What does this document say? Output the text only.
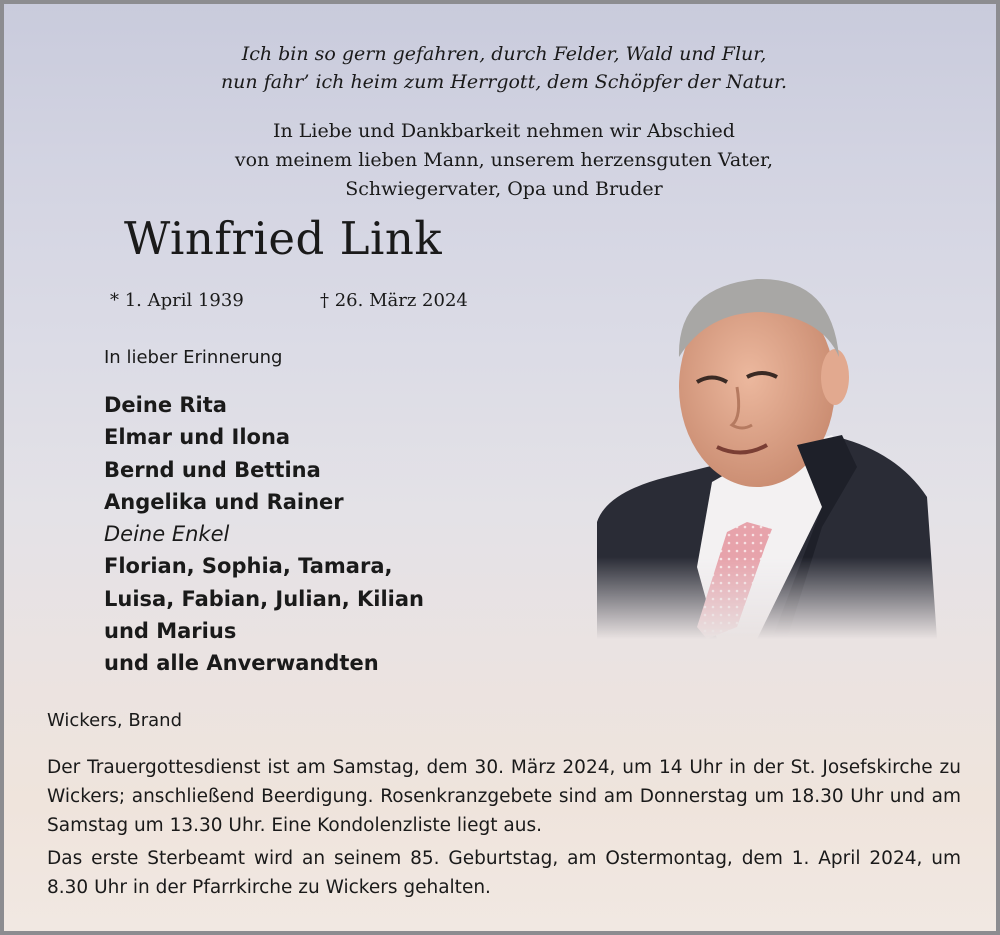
Ich bin so gern gefahren, durch Felder, Wald und Flur,
nun fahr’ ich heim zum Herrgott, dem Schöpfer der Natur.
In Liebe und Dankbarkeit nehmen wir Abschied
von meinem lieben Mann, unserem herzensguten Vater,
Schwiegervater, Opa und Bruder
Winfried Link
* 1. April 1939	† 26. März 2024
In lieber Erinnerung
Deine Rita
Elmar und Ilona
Bernd und Bettina
Angelika und Rainer
Deine Enkel
Florian, Sophia, Tamara,
Luisa, Fabian, Julian, Kilian
und Marius
und alle Anverwandten
Wickers, Brand

Der Trauergottesdienst ist am Samstag, dem 30. März 2024, um 14 Uhr in der St. Josefskirche zu Wickers; anschließend Beerdigung. Rosenkranzgebete sind am Donnerstag um 18.30 Uhr und am Samstag um 13.30 Uhr. Eine Kondolenzliste liegt aus.

Das erste Sterbeamt wird an seinem 85. Geburtstag, am Ostermontag, dem 1. April 2024, um 8.30 Uhr in der Pfarrkirche zu Wickers gehalten.
